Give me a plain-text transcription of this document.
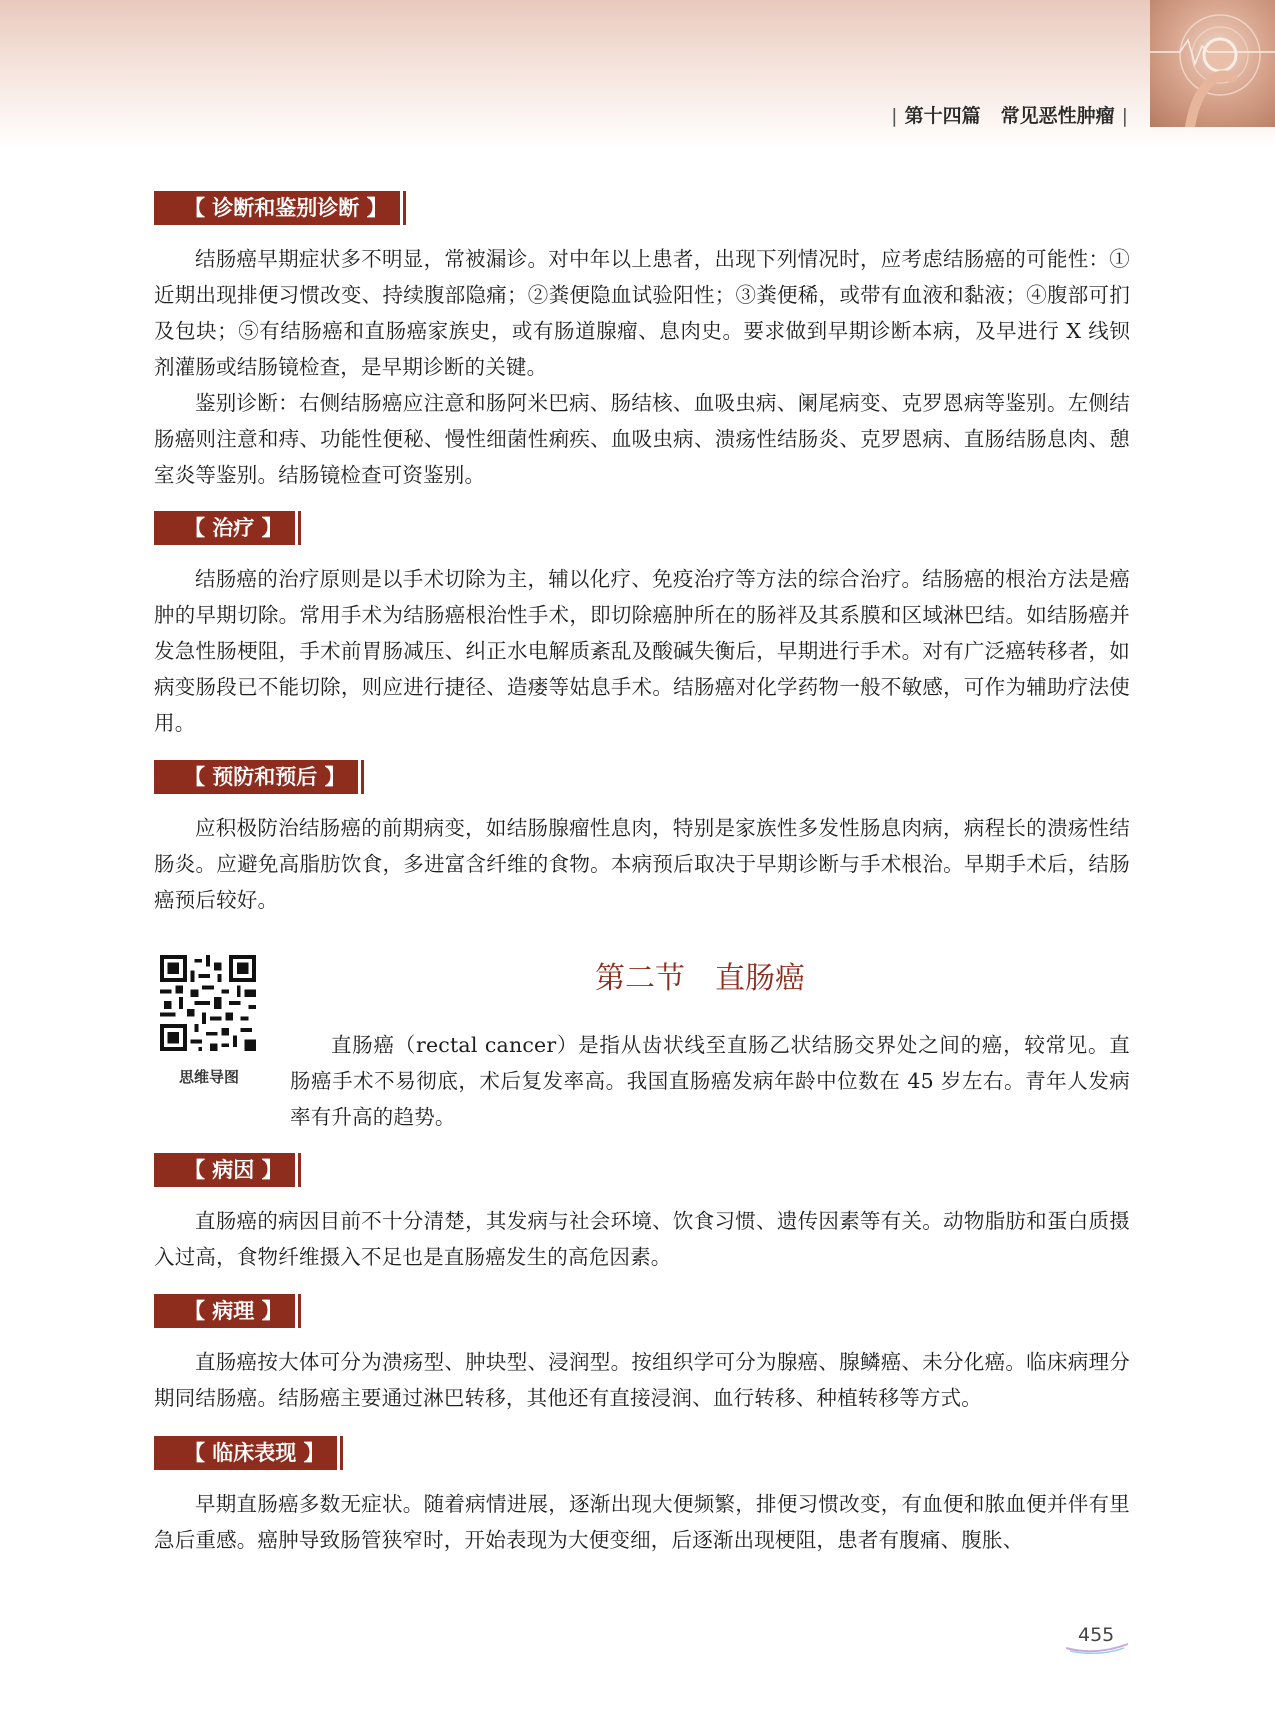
| 第十四篇 常见恶性肿瘤 |
【 诊断和鉴别诊断 】

结肠癌早期症状多不明显，常被漏诊。对中年以上患者，出现下列情况时，应考虑结肠癌的可能性：①近期出现排便习惯改变、持续腹部隐痛；②粪便隐血试验阳性；③粪便稀，或带有血液和黏液；④腹部可扪及包块；⑤有结肠癌和直肠癌家族史，或有肠道腺瘤、息肉史。要求做到早期诊断本病，及早进行 X 线钡剂灌肠或结肠镜检查，是早期诊断的关键。

鉴别诊断：右侧结肠癌应注意和肠阿米巴病、肠结核、血吸虫病、阑尾病变、克罗恩病等鉴别。左侧结肠癌则注意和痔、功能性便秘、慢性细菌性痢疾、血吸虫病、溃疡性结肠炎、克罗恩病、直肠结肠息肉、憩室炎等鉴别。结肠镜检查可资鉴别。

【 治疗 】

结肠癌的治疗原则是以手术切除为主，辅以化疗、免疫治疗等方法的综合治疗。结肠癌的根治方法是癌肿的早期切除。常用手术为结肠癌根治性手术，即切除癌肿所在的肠袢及其系膜和区域淋巴结。如结肠癌并发急性肠梗阻，手术前胃肠减压、纠正水电解质紊乱及酸碱失衡后，早期进行手术。对有广泛癌转移者，如病变肠段已不能切除，则应进行捷径、造瘘等姑息手术。结肠癌对化学药物一般不敏感，可作为辅助疗法使用。

【 预防和预后 】

应积极防治结肠癌的前期病变，如结肠腺瘤性息肉，特别是家族性多发性肠息肉病，病程长的溃疡性结肠炎。应避免高脂肪饮食，多进富含纤维的食物。本病预后取决于早期诊断与手术根治。早期手术后，结肠癌预后较好。

第二节　直肠癌
思维导图

直肠癌（rectal cancer）是指从齿状线至直肠乙状结肠交界处之间的癌，较常见。直肠癌手术不易彻底，术后复发率高。我国直肠癌发病年龄中位数在 45 岁左右。青年人发病率有升高的趋势。

【 病因 】

直肠癌的病因目前不十分清楚，其发病与社会环境、饮食习惯、遗传因素等有关。动物脂肪和蛋白质摄入过高，食物纤维摄入不足也是直肠癌发生的高危因素。

【 病理 】

直肠癌按大体可分为溃疡型、肿块型、浸润型。按组织学可分为腺癌、腺鳞癌、未分化癌。临床病理分期同结肠癌。结肠癌主要通过淋巴转移，其他还有直接浸润、血行转移、种植转移等方式。

【 临床表现 】

早期直肠癌多数无症状。随着病情进展，逐渐出现大便频繁，排便习惯改变，有血便和脓血便并伴有里急后重感。癌肿导致肠管狭窄时，开始表现为大便变细，后逐渐出现梗阻，患者有腹痛、腹胀、

455
